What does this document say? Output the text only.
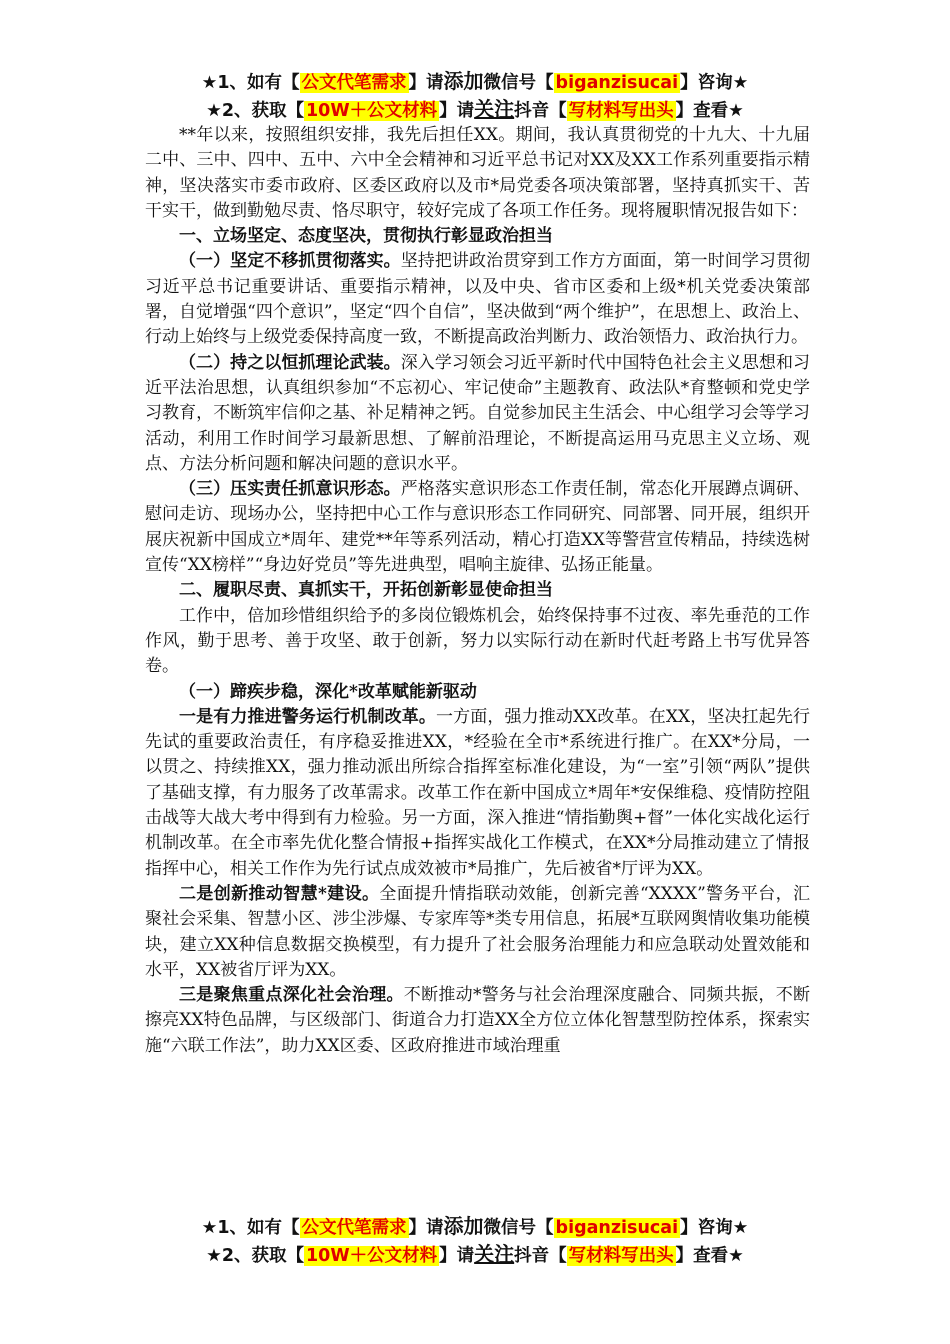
★1、如有【 公文代笔需求 】请添加微信号【 biganzisucai 】咨询★
★2、获取【 10W＋公文材料 】请关注抖音【 写材料写出头 】查看★

**年以来，按照组织安排，我先后担任XX。期间，我认真贯彻党的十九大、十九届二中、三中、四中、五中、六中全会精神和习近平总书记对XX及XX工作系列重要指示精神，坚决落实市委市政府、区委区政府以及市*局党委各项决策部署，坚持真抓实干、苦干实干，做到勤勉尽责、恪尽职守，较好完成了各项工作任务。现将履职情况报告如下：

一、立场坚定、态度坚决，贯彻执行彰显政治担当

（一）坚定不移抓贯彻落实。坚持把讲政治贯穿到工作方方面面，第一时间学习贯彻习近平总书记重要讲话、重要指示精神，以及中央、省市区委和上级*机关党委决策部署，自觉增强“四个意识”，坚定“四个自信”，坚决做到“两个维护”，在思想上、政治上、行动上始终与上级党委保持高度一致，不断提高政治判断力、政治领悟力、政治执行力。

（二）持之以恒抓理论武装。深入学习领会习近平新时代中国特色社会主义思想和习近平法治思想，认真组织参加“不忘初心、牢记使命”主题教育、政法队*育整顿和党史学习教育，不断筑牢信仰之基、补足精神之钙。自觉参加民主生活会、中心组学习会等学习活动，利用工作时间学习最新思想、了解前沿理论，不断提高运用马克思主义立场、观点、方法分析问题和解决问题的意识水平。

（三）压实责任抓意识形态。严格落实意识形态工作责任制，常态化开展蹲点调研、慰问走访、现场办公，坚持把中心工作与意识形态工作同研究、同部署、同开展，组织开展庆祝新中国成立*周年、建党**年等系列活动，精心打造XX等警营宣传精品，持续选树宣传“XX榜样”“身边好党员”等先进典型，唱响主旋律、弘扬正能量。

二、履职尽责、真抓实干，开拓创新彰显使命担当

工作中，倍加珍惜组织给予的多岗位锻炼机会，始终保持事不过夜、率先垂范的工作作风，勤于思考、善于攻坚、敢于创新，努力以实际行动在新时代赶考路上书写优异答卷。

（一）蹄疾步稳，深化*改革赋能新驱动

一是有力推进警务运行机制改革。一方面，强力推动XX改革。在XX，坚决扛起先行先试的重要政治责任，有序稳妥推进XX，*经验在全市*系统进行推广。在XX*分局，一以贯之、持续推XX，强力推动派出所综合指挥室标准化建设，为“一室”引领“两队”提供了基础支撑，有力服务了改革需求。改革工作在新中国成立*周年*安保维稳、疫情防控阻击战等大战大考中得到有力检验。另一方面，深入推进“情指勤舆+督”一体化实战化运行机制改革。在全市率先优化整合情报+指挥实战化工作模式，在XX*分局推动建立了情报指挥中心，相关工作作为先行试点成效被市*局推广，先后被省*厅评为XX。

二是创新推动智慧*建设。全面提升情指联动效能，创新完善“XXXX”警务平台，汇聚社会采集、智慧小区、涉尘涉爆、专家库等*类专用信息，拓展*互联网舆情收集功能模块，建立XX种信息数据交换模型，有力提升了社会服务治理能力和应急联动处置效能和水平，XX被省厅评为XX。

三是聚焦重点深化社会治理。不断推动*警务与社会治理深度融合、同频共振，不断擦亮XX特色品牌，与区级部门、街道合力打造XX全方位立体化智慧型防控体系，探索实施“六联工作法”，助力XX区委、区政府推进市域治理重

★1、如有【 公文代笔需求 】请添加微信号【 biganzisucai 】咨询★
★2、获取【 10W＋公文材料 】请关注抖音【 写材料写出头 】查看★
